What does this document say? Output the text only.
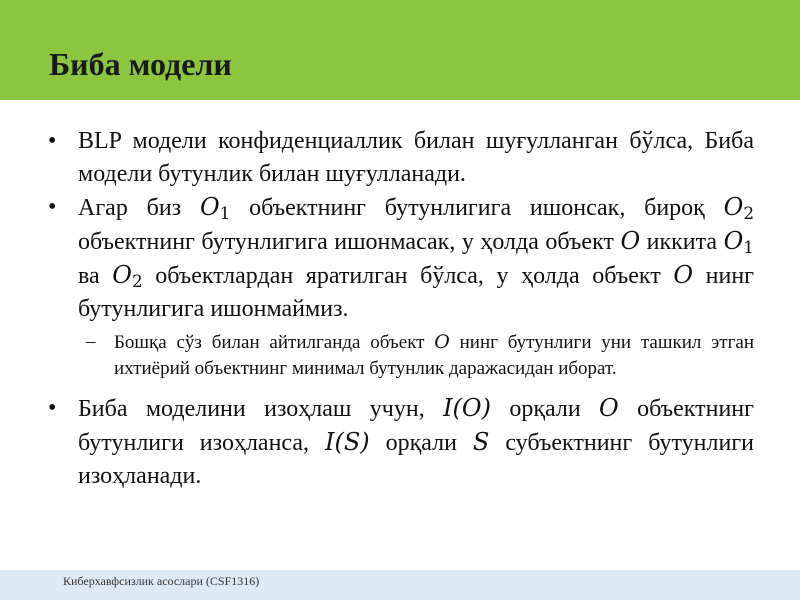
Биба модели

• BLP модели конфиденциаллик билан шуғулланган бўлса, Биба модели бутунлик билан шуғулланади.

• Агар биз $O_1$ объектнинг бутунлигига ишонсак, бироқ $O_2$ объектнинг бутунлигига ишонмасак, у ҳолда объект O иккита $O_1$ ва $O_2$ объектлардан яратилган бўлса, у ҳолда объект O нинг бутунлигига ишонмаймиз.

– Бошқа сўз билан айтилганда объект O нинг бутунлиги уни ташкил этган ихтиёрий объектнинг минимал бутунлик даражасидан иборат.

• Биба моделини изоҳлаш учун, I(O) орқали O объектнинг бутунлиги изоҳланса, I(S) орқали S субъектнинг бутунлиги изоҳланади.

Киберхавфсизлик асослари (CSF1316)
